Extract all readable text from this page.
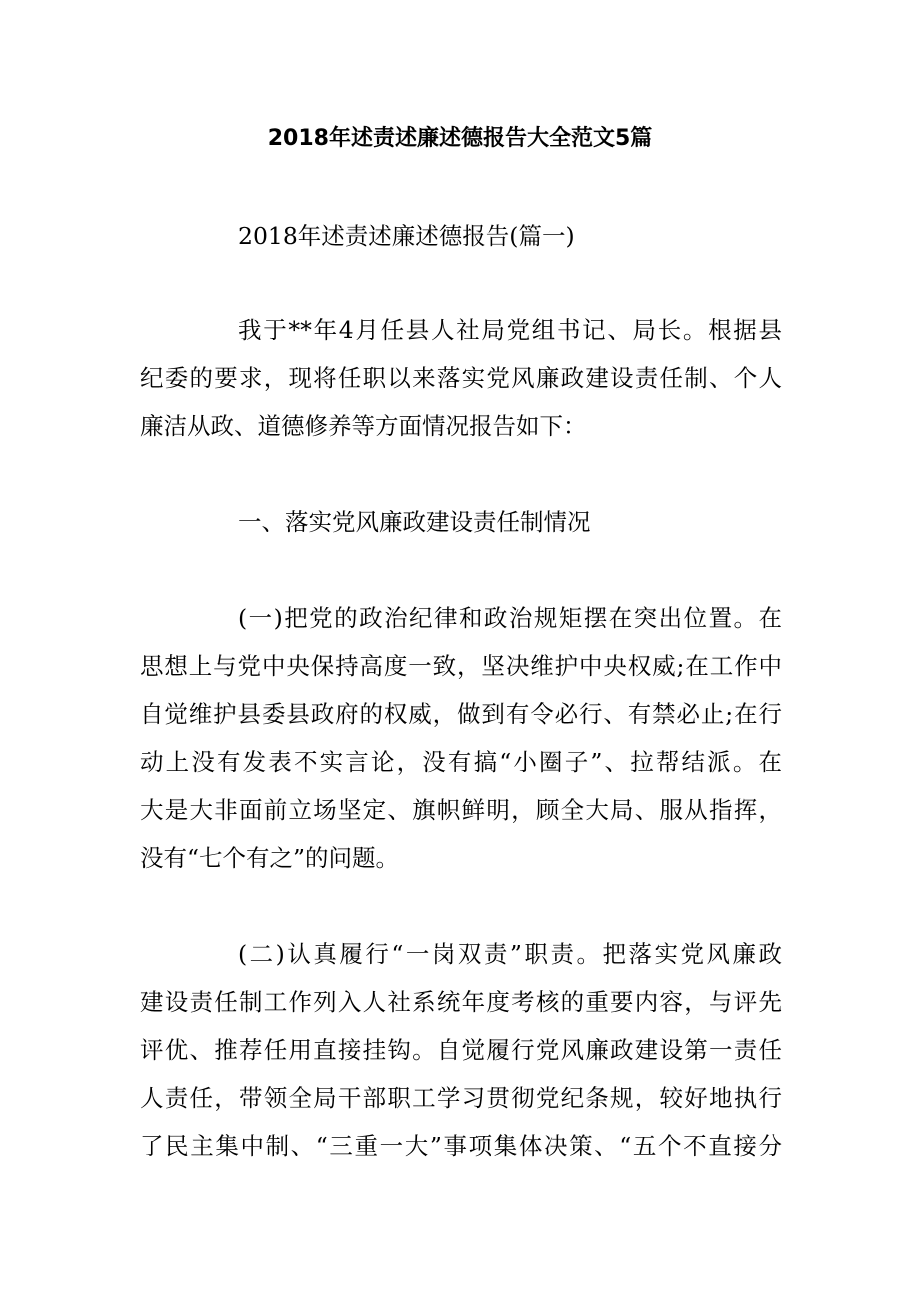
2018年述责述廉述德报告大全范文5篇
2018年述责述廉述德报告(篇一)
我于**年4月任县人社局党组书记、局长。根据县
纪委的要求，现将任职以来落实党风廉政建设责任制、个人
廉洁从政、道德修养等方面情况报告如下：
一、落实党风廉政建设责任制情况
(一)把党的政治纪律和政治规矩摆在突出位置。在
思想上与党中央保持高度一致，坚决维护中央权威;在工作中
自觉维护县委县政府的权威，做到有令必行、有禁必止;在行
动上没有发表不实言论，没有搞“小圈子”、拉帮结派。在
大是大非面前立场坚定、旗帜鲜明，顾全大局、服从指挥，
没有“七个有之”的问题。
(二)认真履行“一岗双责”职责。把落实党风廉政
建设责任制工作列入人社系统年度考核的重要内容，与评先
评优、推荐任用直接挂钩。自觉履行党风廉政建设第一责任
人责任，带领全局干部职工学习贯彻党纪条规，较好地执行
了民主集中制、“三重一大”事项集体决策、“五个不直接分
